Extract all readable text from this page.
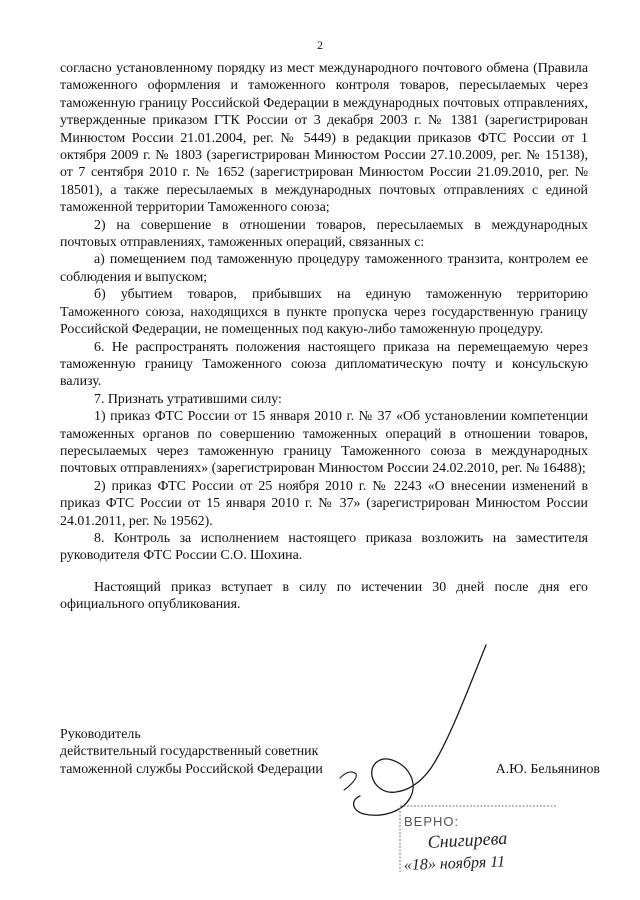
2

согласно установленному порядку из мест международного почтового обмена (Правила таможенного оформления и таможенного контроля товаров, пересылаемых через таможенную границу Российской Федерации в международных почтовых отправлениях, утвержденные приказом ГТК России от 3 декабря 2003 г. № 1381 (зарегистрирован Минюстом России 21.01.2004, рег. № 5449) в редакции приказов ФТС России от 1 октября 2009 г. № 1803 (зарегистрирован Минюстом России 27.10.2009, рег. № 15138), от 7 сентября 2010 г. № 1652 (зарегистрирован Минюстом России 21.09.2010, рег. № 18501), а также пересылаемых в международных почтовых отправлениях с единой таможенной территории Таможенного союза;

2) на совершение в отношении товаров, пересылаемых в международных почтовых отправлениях, таможенных операций, связанных с:

а) помещением под таможенную процедуру таможенного транзита, контролем ее соблюдения и выпуском;

б) убытием товаров, прибывших на единую таможенную территорию Таможенного союза, находящихся в пункте пропуска через государственную границу Российской Федерации, не помещенных под какую-либо таможенную процедуру.

6. Не распространять положения настоящего приказа на перемещаемую через таможенную границу Таможенного союза дипломатическую почту и консульскую вализу.

7. Признать утратившими силу:

1) приказ ФТС России от 15 января 2010 г. № 37 «Об установлении компетенции таможенных органов по совершению таможенных операций в отношении товаров, пересылаемых через таможенную границу Таможенного союза в международных почтовых отправлениях» (зарегистрирован Минюстом России 24.02.2010, рег. № 16488);

2) приказ ФТС России от 25 ноября 2010 г. № 2243 «О внесении изменений в приказ ФТС России от 15 января 2010 г. № 37» (зарегистрирован Минюстом России 24.01.2011, рег. № 19562).

8. Контроль за исполнением настоящего приказа возложить на заместителя руководителя ФТС России С.О. Шохина.

Настоящий приказ вступает в силу по истечении 30 дней после дня его официального опубликования.

Руководитель
действительный государственный советник
таможенной службы Российской Федерации	А.Ю. Бельянинов
ВЕРНО:
Снигирева
«18» ноября 11
